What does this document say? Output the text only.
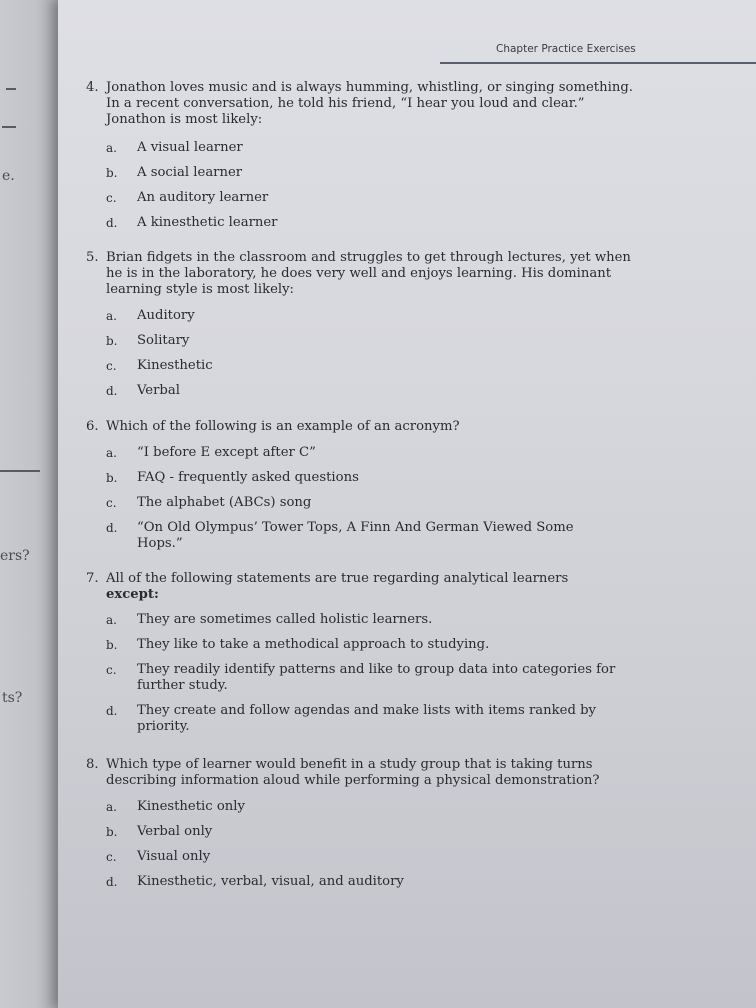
e.
ers?
ts?
Chapter Practice Exercises
4. Jonathon loves music and is always humming, whistling, or singing something. In a recent conversation, he told his friend, “I hear you loud and clear.” Jonathon is most likely:
a. A visual learner
b. A social learner
c. An auditory learner
d. A kinesthetic learner
5. Brian fidgets in the classroom and struggles to get through lectures, yet when he is in the laboratory, he does very well and enjoys learning. His dominant learning style is most likely:
a. Auditory
b. Solitary
c. Kinesthetic
d. Verbal
6. Which of the following is an example of an acronym?
a. “I before E except after C”
b. FAQ - frequently asked questions
c. The alphabet (ABCs) song
d. “On Old Olympus’ Tower Tops, A Finn And German Viewed Some Hops.”
7. All of the following statements are true regarding analytical learners
except:
a. They are sometimes called holistic learners.
b. They like to take a methodical approach to studying.
c. They readily identify patterns and like to group data into categories for further study.
d. They create and follow agendas and make lists with items ranked by priority.
8. Which type of learner would benefit in a study group that is taking turns describing information aloud while performing a physical demonstration?
a. Kinesthetic only
b. Verbal only
c. Visual only
d. Kinesthetic, verbal, visual, and auditory
